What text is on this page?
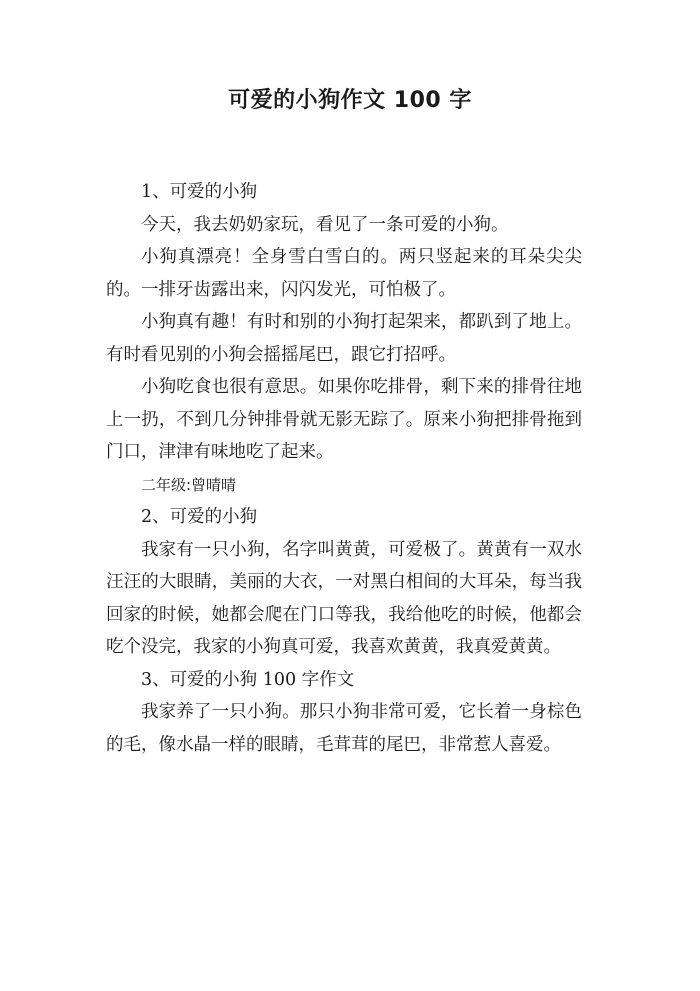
可爱的小狗作文 100 字

1、可爱的小狗

今天，我去奶奶家玩，看见了一条可爱的小狗。

小狗真漂亮！全身雪白雪白的。两只竖起来的耳朵尖尖的。一排牙齿露出来，闪闪发光，可怕极了。

小狗真有趣！有时和别的小狗打起架来，都趴到了地上。有时看见别的小狗会摇摇尾巴，跟它打招呼。

小狗吃食也很有意思。如果你吃排骨，剩下来的排骨往地上一扔，不到几分钟排骨就无影无踪了。原来小狗把排骨拖到门口，津津有味地吃了起来。

二年级:曾晴晴

2、可爱的小狗

我家有一只小狗，名字叫黄黄，可爱极了。黄黄有一双水汪汪的大眼睛，美丽的大衣，一对黑白相间的大耳朵，每当我回家的时候，她都会爬在门口等我，我给他吃的时候，他都会吃个没完，我家的小狗真可爱，我喜欢黄黄，我真爱黄黄。

3、可爱的小狗 100 字作文

我家养了一只小狗。那只小狗非常可爱，它长着一身棕色的毛，像水晶一样的眼睛，毛茸茸的尾巴，非常惹人喜爱。
